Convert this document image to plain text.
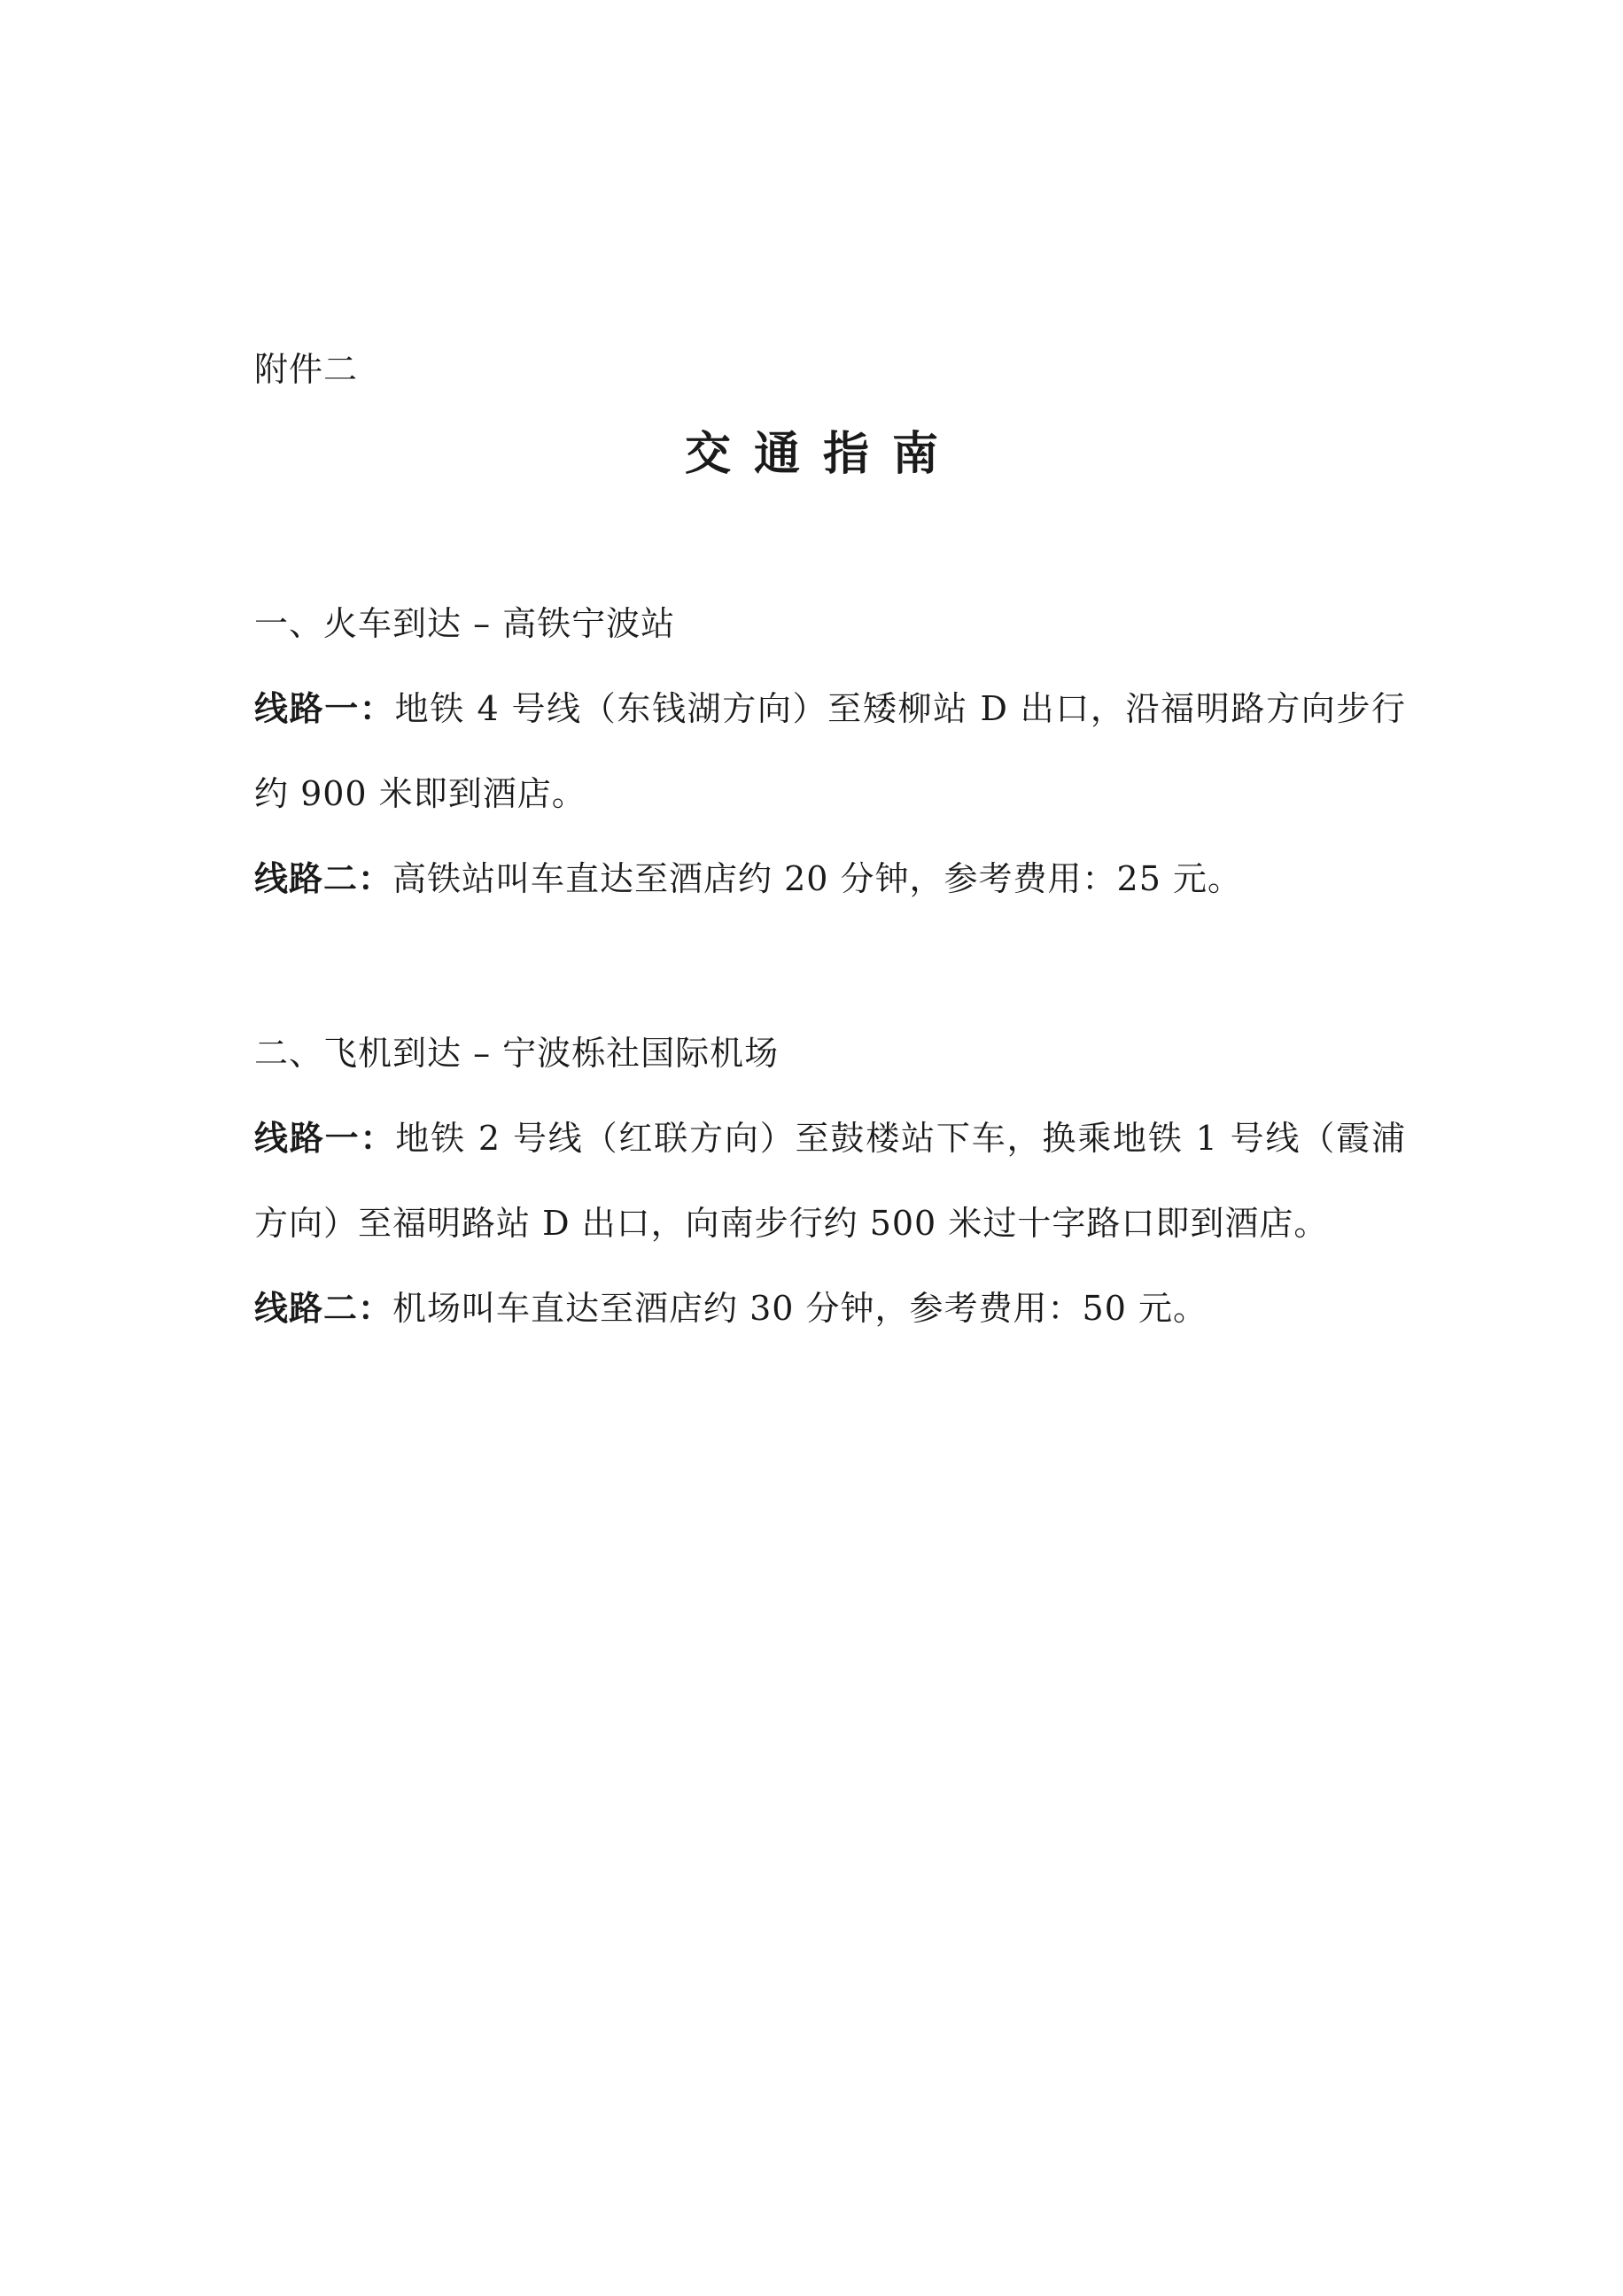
附件二
交通指南

一、火车到达 – 高铁宁波站

线路一：地铁 4 号线（东钱湖方向）至矮柳站 D 出口，沿福明路方向步行约 900 米即到酒店。

线路二：高铁站叫车直达至酒店约 20 分钟，参考费用：25 元。

二、飞机到达 – 宁波栎社国际机场

线路一：地铁 2 号线（红联方向）至鼓楼站下车，换乘地铁 1 号线（霞浦方向）至福明路站 D 出口，向南步行约 500 米过十字路口即到酒店。

线路二：机场叫车直达至酒店约 30 分钟，参考费用：50 元。
